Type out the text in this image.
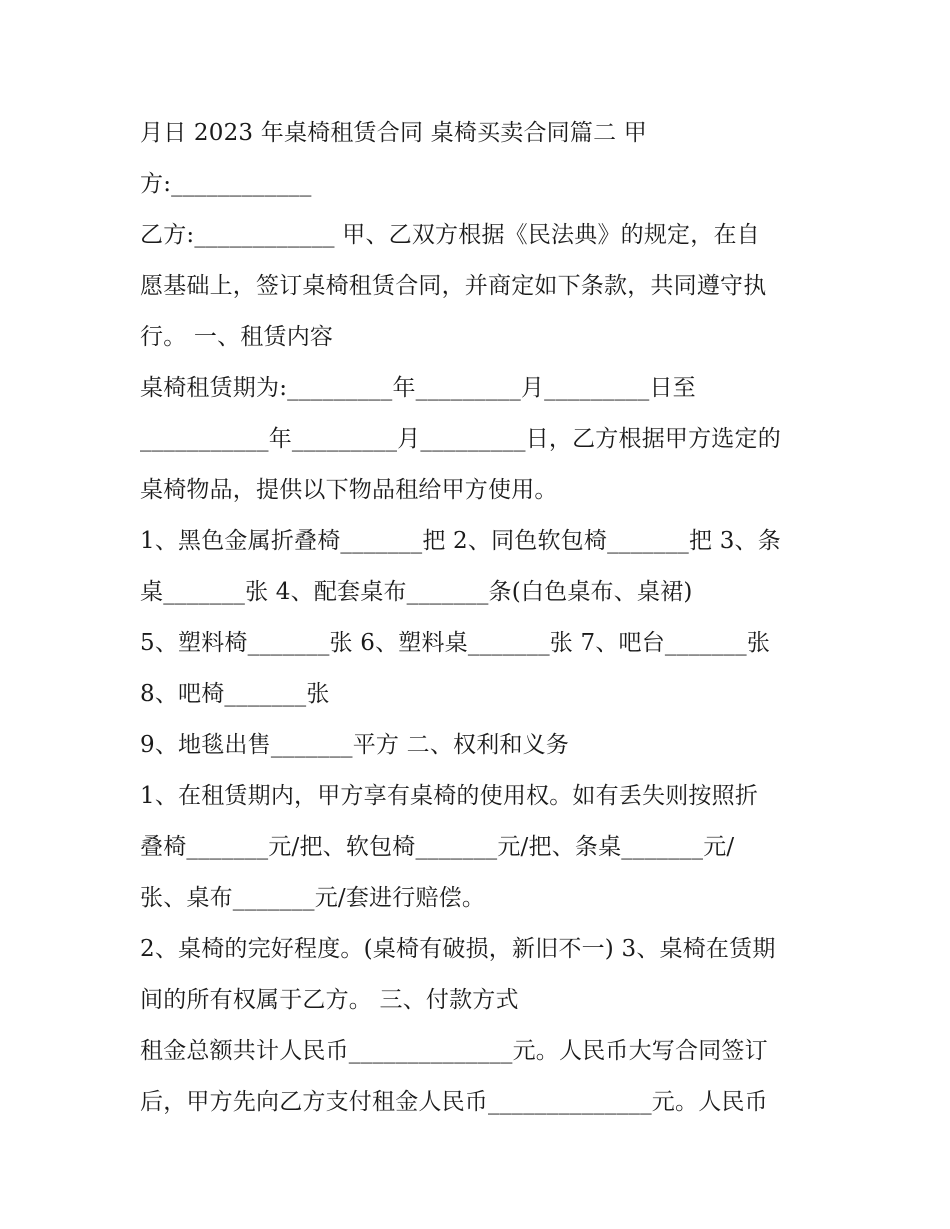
月日 2023 年桌椅租赁合同 桌椅买卖合同篇二 甲
方:____________
乙方:____________ 甲、乙双方根据《民法典》的规定，在自
愿基础上，签订桌椅租赁合同，并商定如下条款，共同遵守执
行。 一、租赁内容
桌椅租赁期为:_________年_________月_________日至
___________年_________月_________日，乙方根据甲方选定的
桌椅物品，提供以下物品租给甲方使用。
1、黑色金属折叠椅_______把 2、同色软包椅_______把 3、条
桌_______张 4、配套桌布_______条(白色桌布、桌裙)
5、塑料椅_______张 6、塑料桌_______张 7、吧台_______张
8、吧椅_______张
9、地毯出售_______平方 二、权利和义务
1、在租赁期内，甲方享有桌椅的使用权。如有丢失则按照折
叠椅_______元/把、软包椅_______元/把、条桌_______元/
张、桌布_______元/套进行赔偿。
2、桌椅的完好程度。(桌椅有破损，新旧不一) 3、桌椅在赁期
间的所有权属于乙方。 三、付款方式
租金总额共计人民币______________元。人民币大写合同签订
后，甲方先向乙方支付租金人民币______________元。人民币
